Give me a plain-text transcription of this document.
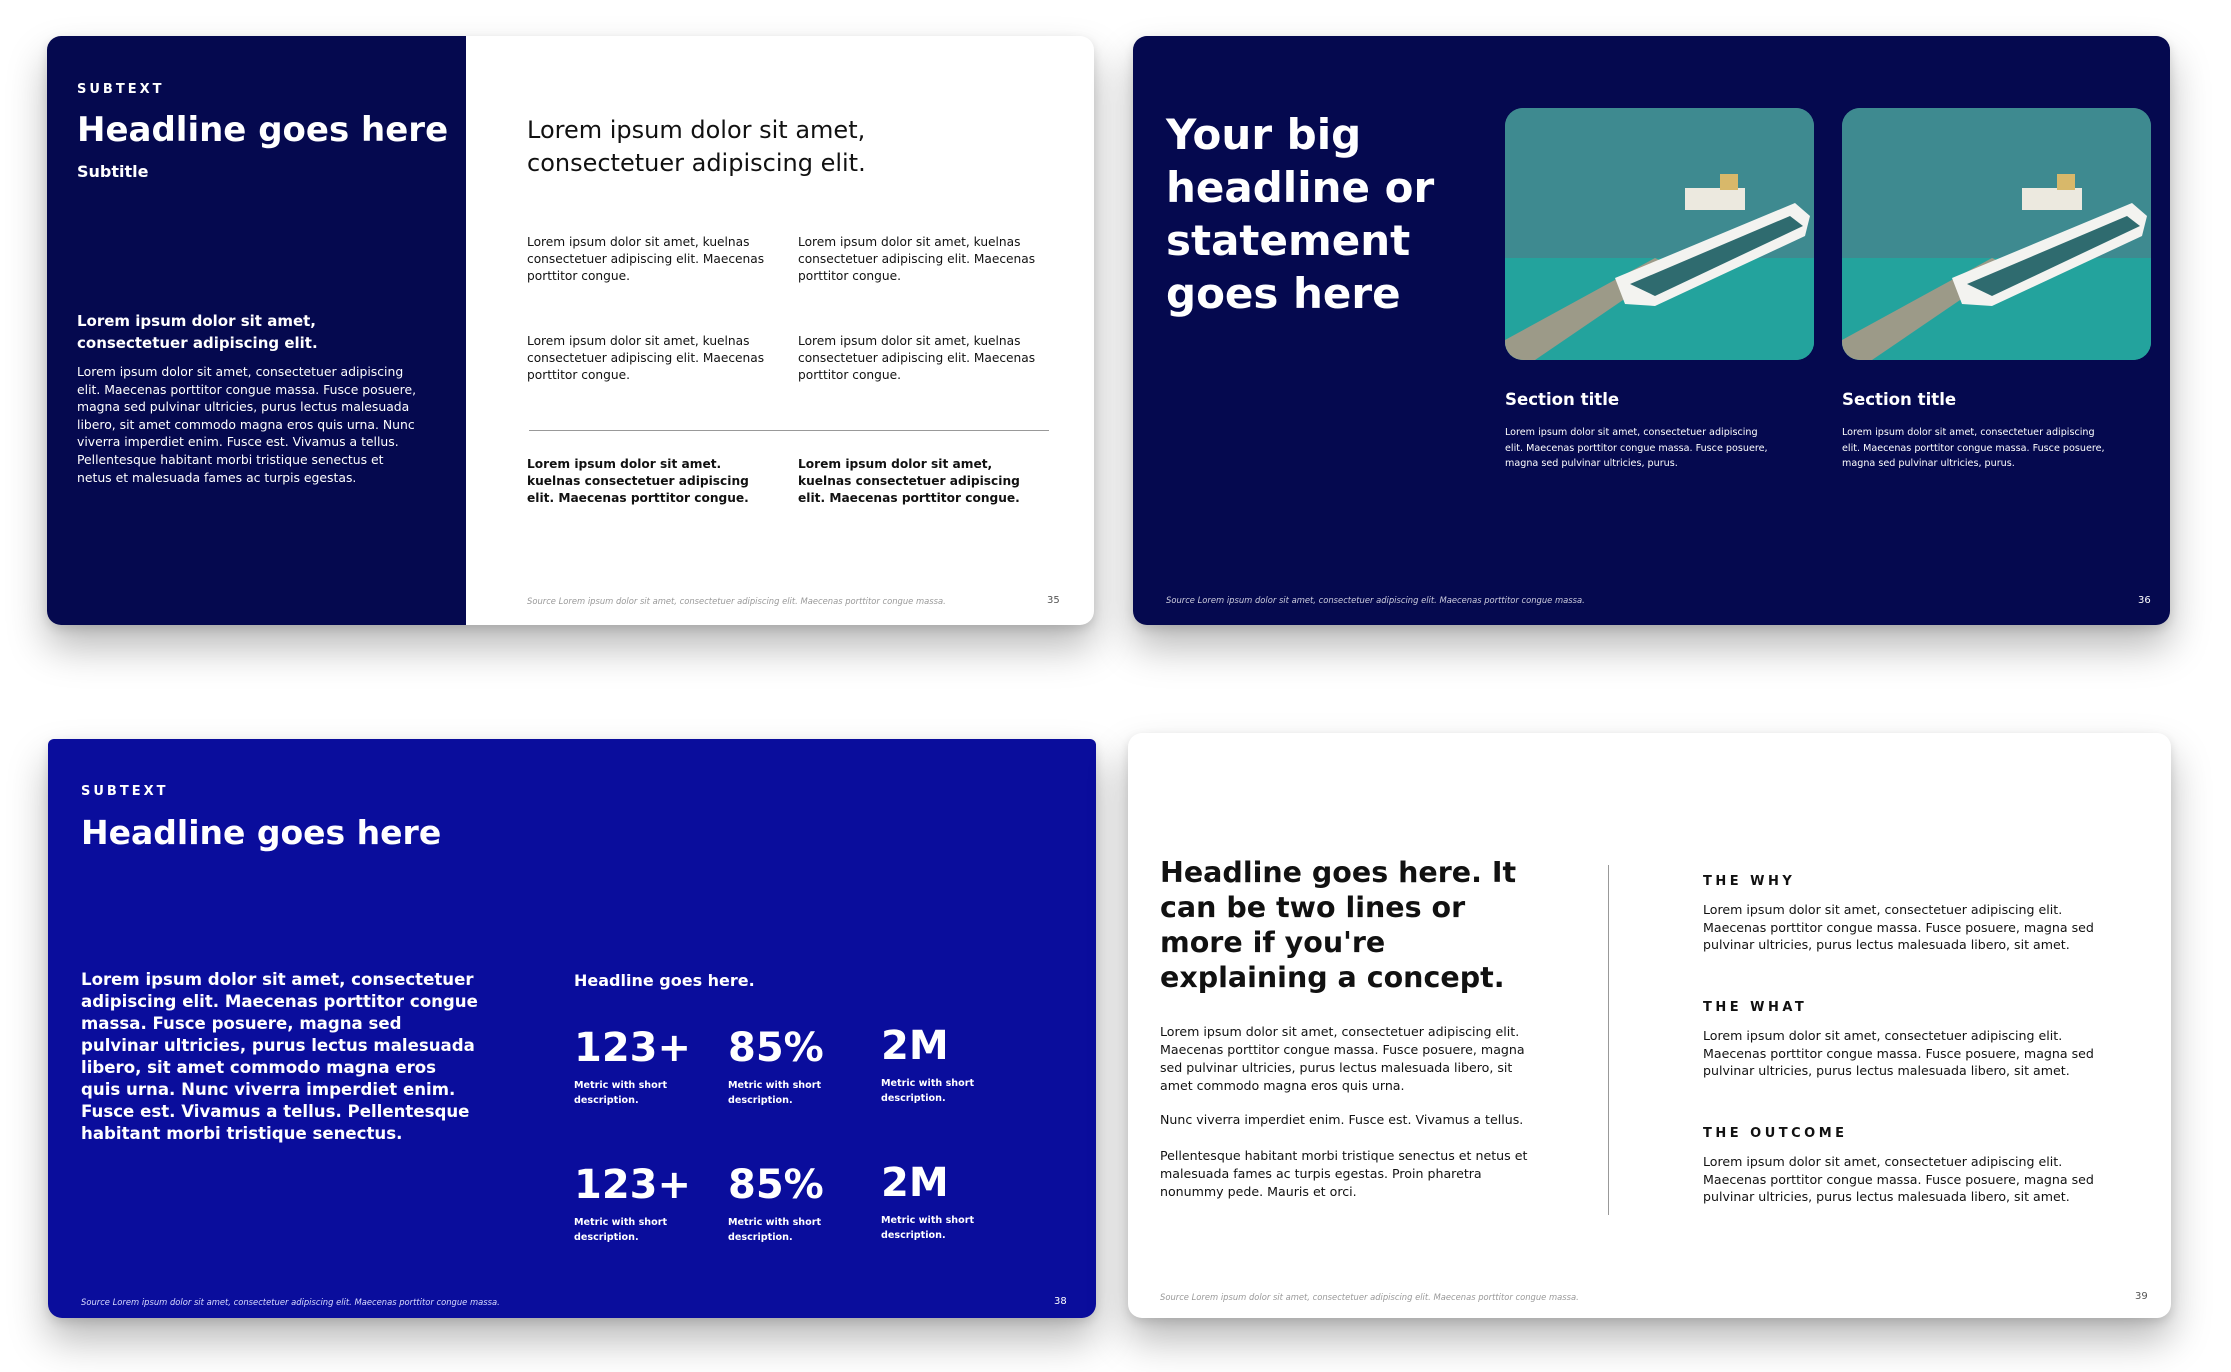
SUBTEXT
Headline goes here
Subtitle
Lorem ipsum dolor sit amet, consectetuer adipiscing elit.
Lorem ipsum dolor sit amet, consectetuer adipiscing elit. Maecenas porttitor congue massa. Fusce posuere, magna sed pulvinar ultricies, purus lectus malesuada libero, sit amet commodo magna eros quis urna. Nunc viverra imperdiet enim. Fusce est. Vivamus a tellus. Pellentesque habitant morbi tristique senectus et netus et malesuada fames ac turpis egestas.
Lorem ipsum dolor sit amet, consectetuer adipiscing elit.
Lorem ipsum dolor sit amet, kuelnas consectetuer adipiscing elit. Maecenas porttitor congue.
Lorem ipsum dolor sit amet, kuelnas consectetuer adipiscing elit. Maecenas porttitor congue.
Lorem ipsum dolor sit amet, kuelnas consectetuer adipiscing elit. Maecenas porttitor congue.
Lorem ipsum dolor sit amet, kuelnas consectetuer adipiscing elit. Maecenas porttitor congue.
Lorem ipsum dolor sit amet. kuelnas consectetuer adipiscing elit. Maecenas porttitor congue.
Lorem ipsum dolor sit amet, kuelnas consectetuer adipiscing elit. Maecenas porttitor congue.
Source Lorem ipsum dolor sit amet, consectetuer adipiscing elit. Maecenas porttitor congue massa.	35
Your big headline or statement goes here
Section title
Lorem ipsum dolor sit amet, consectetuer adipiscing elit. Maecenas porttitor congue massa. Fusce posuere, magna sed pulvinar ultricies, purus.
Section title
Lorem ipsum dolor sit amet, consectetuer adipiscing elit. Maecenas porttitor congue massa. Fusce posuere, magna sed pulvinar ultricies, purus.
Source Lorem ipsum dolor sit amet, consectetuer adipiscing elit. Maecenas porttitor congue massa.	36
SUBTEXT
Headline goes here
Lorem ipsum dolor sit amet, consectetuer adipiscing elit. Maecenas porttitor congue massa. Fusce posuere, magna sed pulvinar ultricies, purus lectus malesuada libero, sit amet commodo magna eros quis urna. Nunc viverra imperdiet enim. Fusce est. Vivamus a tellus. Pellentesque habitant morbi tristique senectus.
Headline goes here.
123+
Metric with short description.
85%
Metric with short description.
2M
Metric with short description.
123+
Metric with short description.
85%
Metric with short description.
2M
Metric with short description.
Source Lorem ipsum dolor sit amet, consectetuer adipiscing elit. Maecenas porttitor congue massa.	38
Headline goes here. It can be two lines or more if you're explaining a concept.
Lorem ipsum dolor sit amet, consectetuer adipiscing elit. Maecenas porttitor congue massa. Fusce posuere, magna sed pulvinar ultricies, purus lectus malesuada libero, sit amet commodo magna eros quis urna.
Nunc viverra imperdiet enim. Fusce est. Vivamus a tellus.
Pellentesque habitant morbi tristique senectus et netus et malesuada fames ac turpis egestas. Proin pharetra nonummy pede. Mauris et orci.
THE WHY
Lorem ipsum dolor sit amet, consectetuer adipiscing elit. Maecenas porttitor congue massa. Fusce posuere, magna sed pulvinar ultricies, purus lectus malesuada libero, sit amet.
THE WHAT
Lorem ipsum dolor sit amet, consectetuer adipiscing elit. Maecenas porttitor congue massa. Fusce posuere, magna sed pulvinar ultricies, purus lectus malesuada libero, sit amet.
THE OUTCOME
Lorem ipsum dolor sit amet, consectetuer adipiscing elit. Maecenas porttitor congue massa. Fusce posuere, magna sed pulvinar ultricies, purus lectus malesuada libero, sit amet.
Source Lorem ipsum dolor sit amet, consectetuer adipiscing elit. Maecenas porttitor congue massa.	39
